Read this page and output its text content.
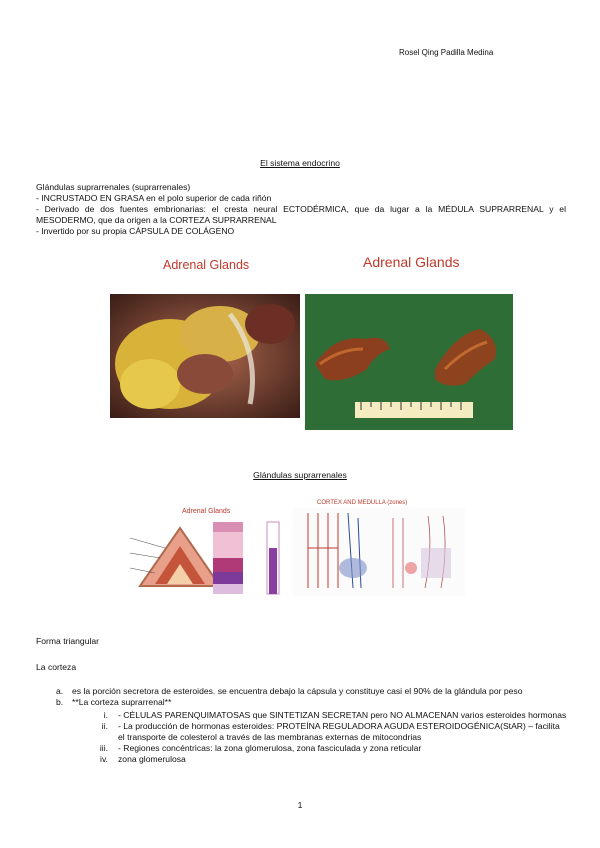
Rosel Qing Padilla Medina
El sistema endocrino
Glándulas suprarrenales (suprarrenales)
- INCRUSTADO EN GRASA en el polo superior de cada riñón
- Derivado de dos fuentes embrionarias: el cresta neural ECTODÉRMICA, que da lugar a la MÉDULA SUPRARRENAL y el MESODERMO, que da origen a la CORTEZA SUPRARRENAL
- Invertido por su propia CÁPSULA DE COLÁGENO
Adrenal Glands	Adrenal Glands
Glándulas suprarrenales
Adrenal Glands
CORTEX AND MEDULLA (zones)
Forma triangular
La corteza
a.	es la porción secretora de esteroides. se encuentra debajo la cápsula y constituye casi el 90% de la glándula por peso
b.	**La corteza suprarrenal**
i.	- CÉLULAS PARENQUIMATOSAS que SINTETIZAN SECRETAN pero NO ALMACENAN varios esteroides hormonas
ii.	- La producción de hormonas esteroides: PROTEÍNA REGULADORA AGUDA ESTEROIDOGÉNICA(StAR) – facilita el transporte de colesterol a través de las membranas externas de mitocondrias
iii.	- Regiones concéntricas: la zona glomerulosa, zona fasciculada y zona reticular
iv.	zona glomerulosa
1
